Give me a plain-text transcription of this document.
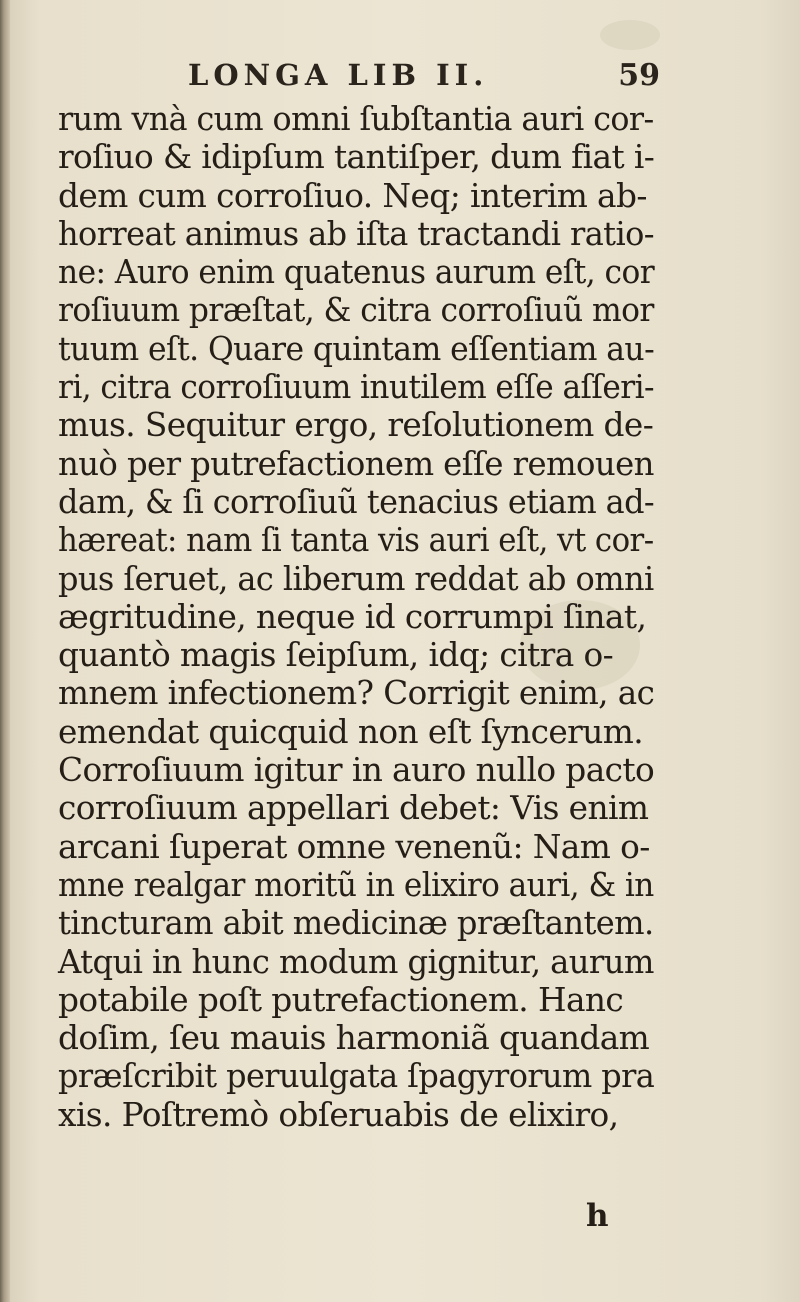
LONGA LIB II.	59
rum vnà cum omni ſubſtantia auri cor-
roſiuo & idipſum tantiſper, dum fiat i-
dem cum corroſiuo. Neq; interim ab-
horreat animus ab iſta tractandi ratio-
ne: Auro enim quatenus aurum eſt, cor
roſiuum præſtat, & citra corroſiuũ mor
tuum eſt. Quare quintam eſſentiam au-
ri, citra corroſiuum inutilem eſſe aſſeri-
mus. Sequitur ergo, reſolutionem de-
nuò per putrefactionem eſſe remouen
dam, & ſi corroſiuũ tenacius etiam ad-
hæreat: nam ſi tanta vis auri eſt, vt cor-
pus ſeruet, ac liberum reddat ab omni
ægritudine, neque id corrumpi ſinat,
quantò magis ſeipſum, idq; citra o-
mnem infectionem? Corrigit enim, ac
emendat quicquid non eſt ſyncerum.
Corroſiuum igitur in auro nullo pacto
corroſiuum appellari debet: Vis enim
arcani ſuperat omne venenũ: Nam o-
mne realgar moritũ in elixiro auri, & in
tincturam abit medicinæ præſtantem.
Atqui in hunc modum gignitur, aurum
potabile poſt putrefactionem. Hanc
doſim, ſeu mauis harmoniã quandam
præſcribit peruulgata ſpagyrorum pra
xis. Poſtremò obſeruabis de elixiro,
h
